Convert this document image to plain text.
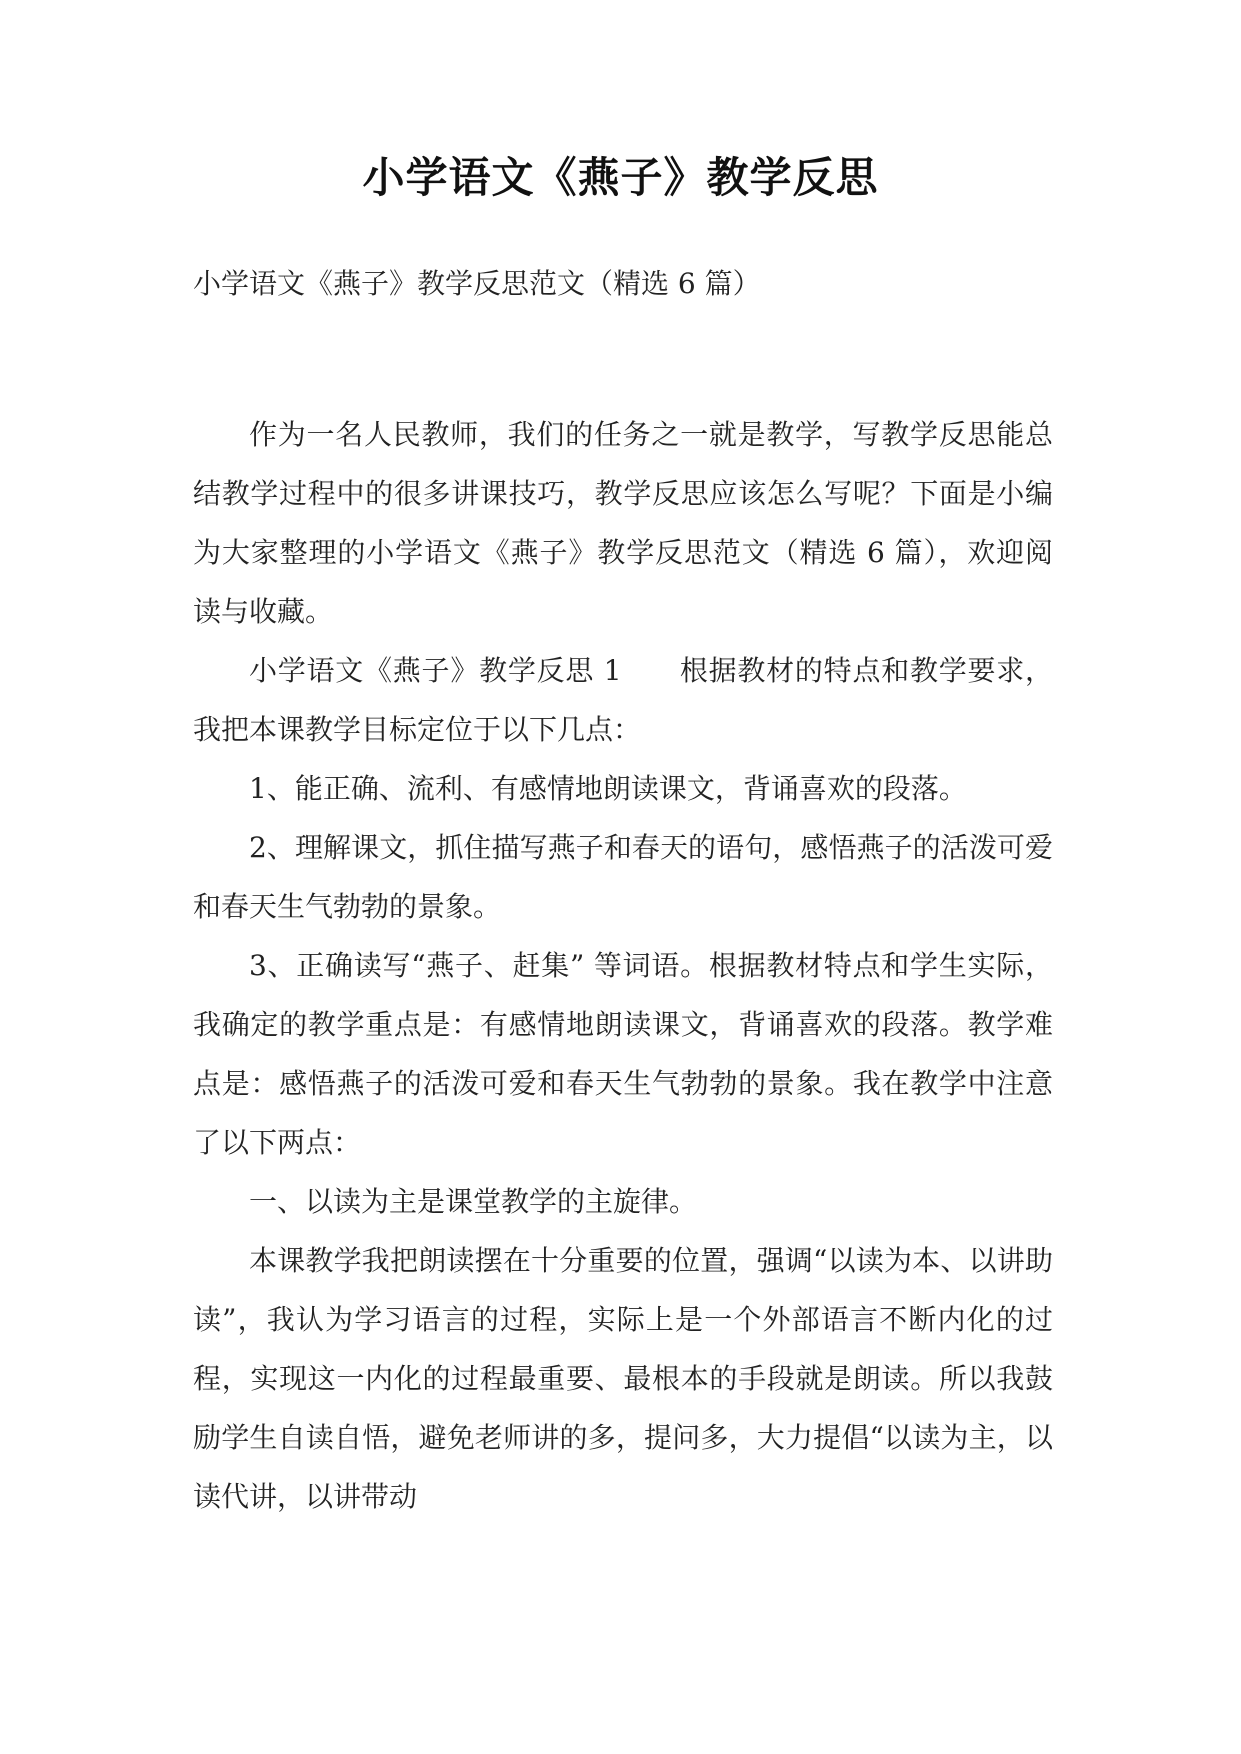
小学语文《燕子》教学反思
小学语文《燕子》教学反思范文（精选 6 篇）

作为一名人民教师，我们的任务之一就是教学，写教学反思能总结教学过程中的很多讲课技巧，教学反思应该怎么写呢？下面是小编为大家整理的小学语文《燕子》教学反思范文（精选 6 篇），欢迎阅读与收藏。

小学语文《燕子》教学反思 1　　根据教材的特点和教学要求，我把本课教学目标定位于以下几点：

1、能正确、流利、有感情地朗读课文，背诵喜欢的段落。

2、理解课文，抓住描写燕子和春天的语句，感悟燕子的活泼可爱和春天生气勃勃的景象。

3、正确读写“燕子、赶集” 等词语。根据教材特点和学生实际，我确定的教学重点是：有感情地朗读课文，背诵喜欢的段落。教学难点是：感悟燕子的活泼可爱和春天生气勃勃的景象。我在教学中注意了以下两点：

一、以读为主是课堂教学的主旋律。

本课教学我把朗读摆在十分重要的位置，强调“以读为本、以讲助读”，我认为学习语言的过程，实际上是一个外部语言不断内化的过程，实现这一内化的过程最重要、最根本的手段就是朗读。所以我鼓励学生自读自悟，避免老师讲的多，提问多，大力提倡“以读为主，以读代讲，以讲带动
